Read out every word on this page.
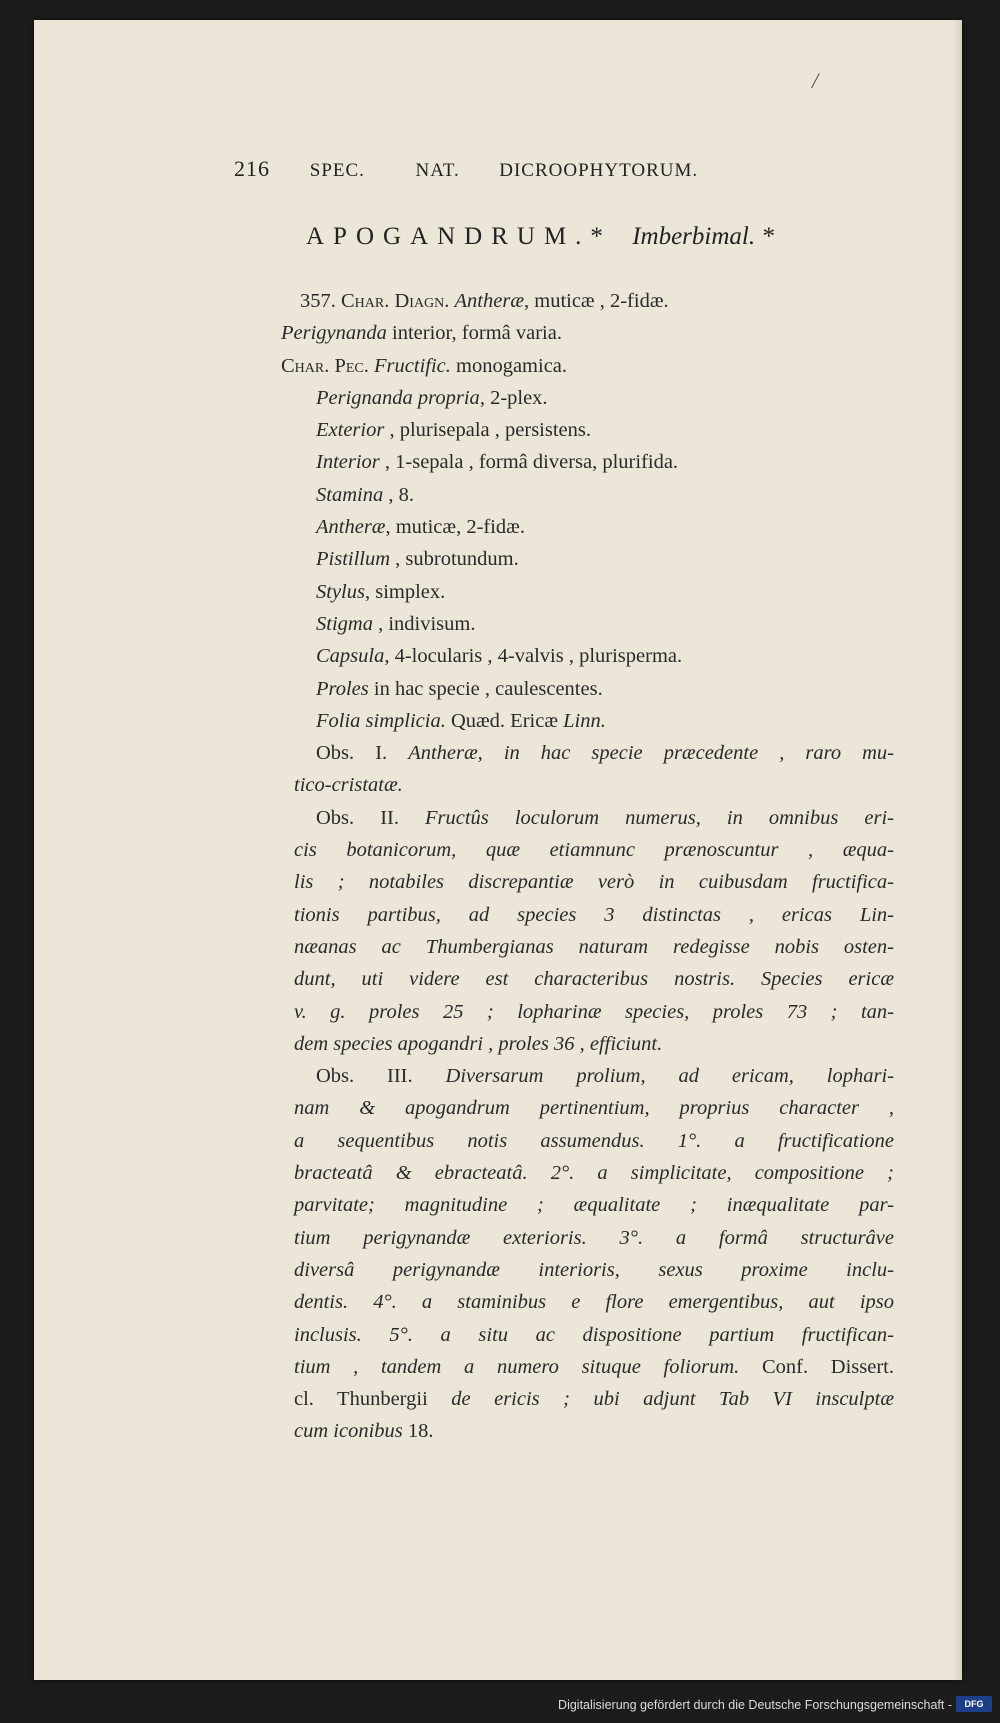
/
216 SPEC.	NAT. DICROOPHYTORUM.
APOGANDRUM.* Imberbimal. *
357. Char. Diagn. Antheræ, muticæ , 2-fidæ.
Perigynanda interior, formâ varia.
Char. Pec. Fructific. monogamica.
Perignanda propria, 2-plex.
Exterior , plurisepala , persistens.
Interior , 1-sepala , formâ diversa, plurifida.
Stamina , 8.
Antheræ, muticæ, 2-fidæ.
Pistillum , subrotundum.
Stylus, simplex.
Stigma , indivisum.
Capsula, 4-locularis , 4-valvis , plurisperma.
Proles in hac specie , caulescentes.
Folia simplicia. Quæd. Ericæ Linn.
Obs. I. Antheræ, in hac specie præcedente , raro mu-
tico-cristatæ.
Obs. II. Fructûs loculorum numerus, in omnibus eri-
cis botanicorum, quæ etiamnunc prænoscuntur , æqua-
lis ; notabiles discrepantiæ verò in cuibusdam fructifica-
tionis partibus, ad species 3 distinctas , ericas Lin-
næanas ac Thumbergianas naturam redegisse nobis osten-
dunt, uti videre est characteribus nostris. Species ericæ
v. g. proles 25 ; lopharinæ species, proles 73 ; tan-
dem species apogandri , proles 36 , efficiunt.
Obs. III. Diversarum prolium, ad ericam, lophari-
nam & apogandrum pertinentium, proprius character ,
a sequentibus notis assumendus. 1°. a fructificatione
bracteatâ & ebracteatâ. 2°. a simplicitate, compositione ;
parvitate; magnitudine ; æqualitate ; inæqualitate par-
tium perigynandæ exterioris. 3°. a formâ structurâve
diversâ perigynandæ interioris, sexus proxime inclu-
dentis. 4°. a staminibus e flore emergentibus, aut ipso
inclusis. 5°. a situ ac dispositione partium fructifican-
tium , tandem a numero situque foliorum. Conf. Dissert.
cl. Thunbergii de ericis ; ubi adjunt Tab VI insculptæ
cum iconibus 18.
Digitalisierung gefördert durch die Deutsche Forschungsgemeinschaft -	DFG
